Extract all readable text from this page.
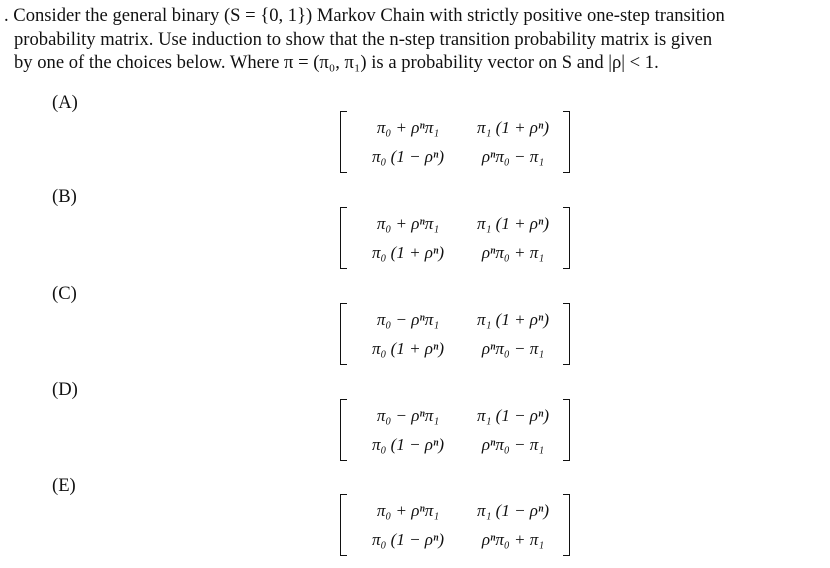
. Consider the general binary (S = {0, 1}) Markov Chain with strictly positive one-step transition
probability matrix. Use induction to show that the n-step transition probability matrix is given
by one of the choices below. Where π = (π₀, π₁) is a probability vector on S and |ρ| < 1.
(A)
π₀ + ρⁿπ₁	π₁ (1 + ρⁿ)
π₀ (1 − ρⁿ)	ρⁿπ₀ − π₁
(B)
π₀ + ρⁿπ₁	π₁ (1 + ρⁿ)
π₀ (1 + ρⁿ)	ρⁿπ₀ + π₁
(C)
π₀ − ρⁿπ₁	π₁ (1 + ρⁿ)
π₀ (1 + ρⁿ)	ρⁿπ₀ − π₁
(D)
π₀ − ρⁿπ₁	π₁ (1 − ρⁿ)
π₀ (1 − ρⁿ)	ρⁿπ₀ − π₁
(E)
π₀ + ρⁿπ₁	π₁ (1 − ρⁿ)
π₀ (1 − ρⁿ)	ρⁿπ₀ + π₁
